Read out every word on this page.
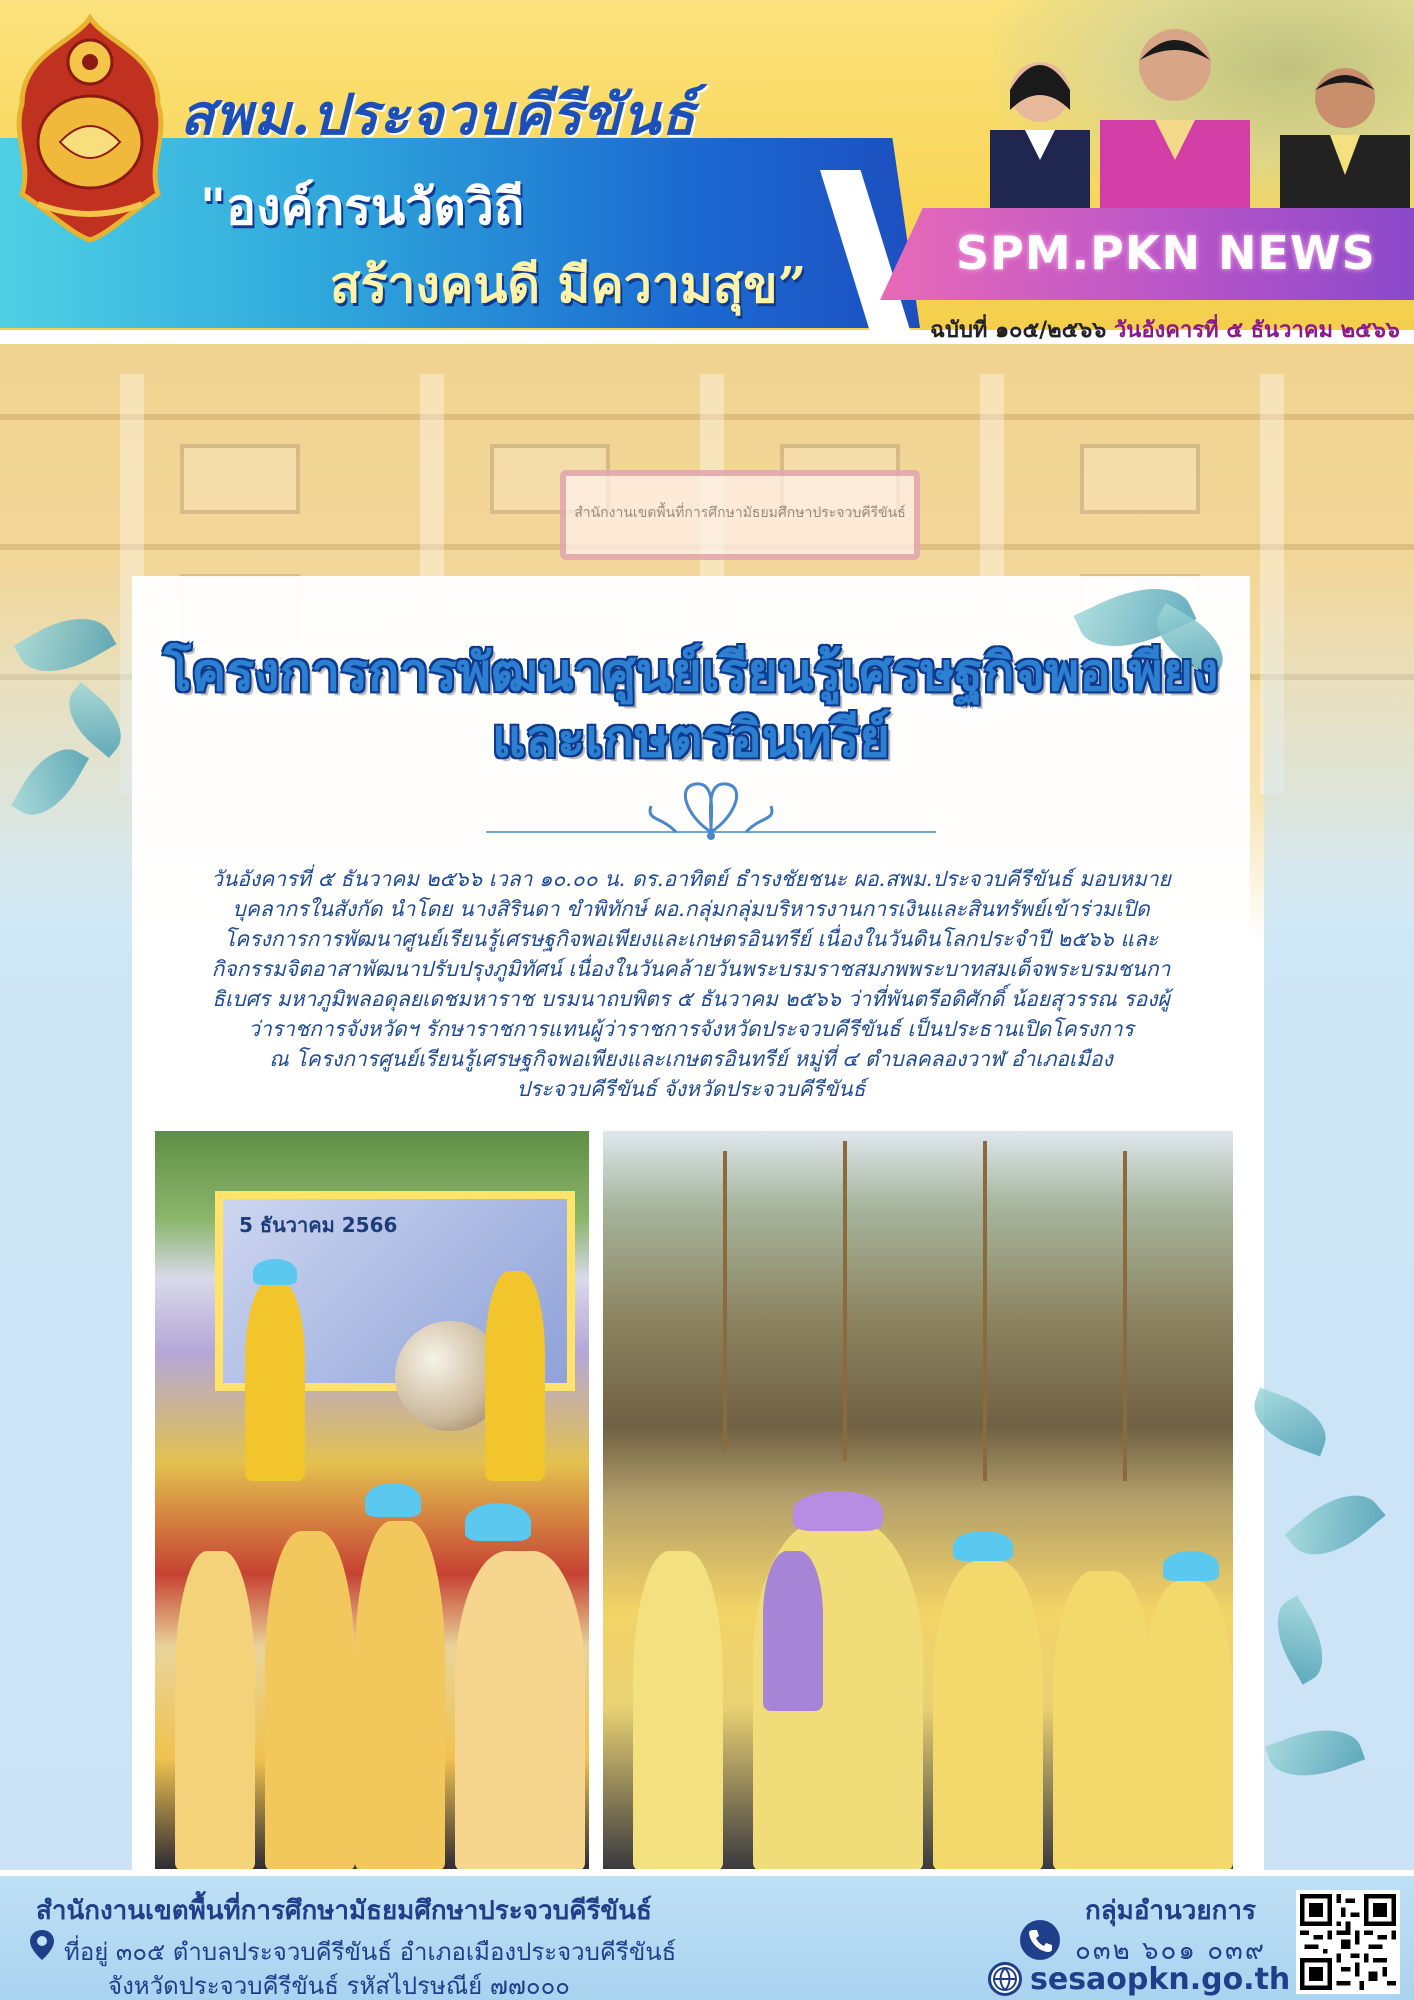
สพม.ประจวบคีรีขันธ์
"องค์กรนวัตวิถี
สร้างคนดี มีความสุข”
SPM.PKN NEWS
ฉบับที่ ๑๐๕/๒๕๖๖ วันอังคารที่ ๕ ธันวาคม ๒๕๖๖
สำนักงานเขตพื้นที่การศึกษามัธยมศึกษาประจวบคีรีขันธ์
โครงการการพัฒนาศูนย์เรียนรู้เศรษฐกิจพอเพียง
และเกษตรอินทรีย์
วันอังคารที่ ๕ ธันวาคม ๒๕๖๖ เวลา ๑๐.๐๐ น. ดร.อาทิตย์ ธำรงชัยชนะ ผอ.สพม.ประจวบคีรีขันธ์ มอบหมาย
บุคลากรในสังกัด นำโดย นางสิรินดา ขำพิทักษ์ ผอ.กลุ่มกลุ่มบริหารงานการเงินและสินทรัพย์เข้าร่วมเปิด
โครงการการพัฒนาศูนย์เรียนรู้เศรษฐกิจพอเพียงและเกษตรอินทรีย์ เนื่องในวันดินโลกประจำปี ๒๕๖๖ และ
กิจกรรมจิตอาสาพัฒนาปรับปรุงภูมิทัศน์ เนื่องในวันคล้ายวันพระบรมราชสมภพพระบาทสมเด็จพระบรมชนกา
ธิเบศร มหาภูมิพลอดุลยเดชมหาราช บรมนาถบพิตร ๕ ธันวาคม ๒๕๖๖ ว่าที่พันตรีอดิศักดิ์ น้อยสุวรรณ รองผู้
ว่าราชการจังหวัดฯ รักษาราชการแทนผู้ว่าราชการจังหวัดประจวบคีรีขันธ์ เป็นประธานเปิดโครงการ
ณ โครงการศูนย์เรียนรู้เศรษฐกิจพอเพียงและเกษตรอินทรีย์ หมู่ที่ ๔ ตำบลคลองวาฬ อำเภอเมือง
ประจวบคีรีขันธ์ จังหวัดประจวบคีรีขันธ์
5 ธันวาคม 2566
สำนักงานเขตพื้นที่การศึกษามัธยมศึกษาประจวบคีรีขันธ์
ที่อยู่ ๓๐๕ ตำบลประจวบคีรีขันธ์ อำเภอเมืองประจวบคีรีขันธ์
จังหวัดประจวบคีรีขันธ์ รหัสไปรษณีย์ ๗๗๐๐๐
กลุ่มอำนวยการ
๐๓๒ ๖๐๑ ๐๓๙
sesaopkn.go.th
